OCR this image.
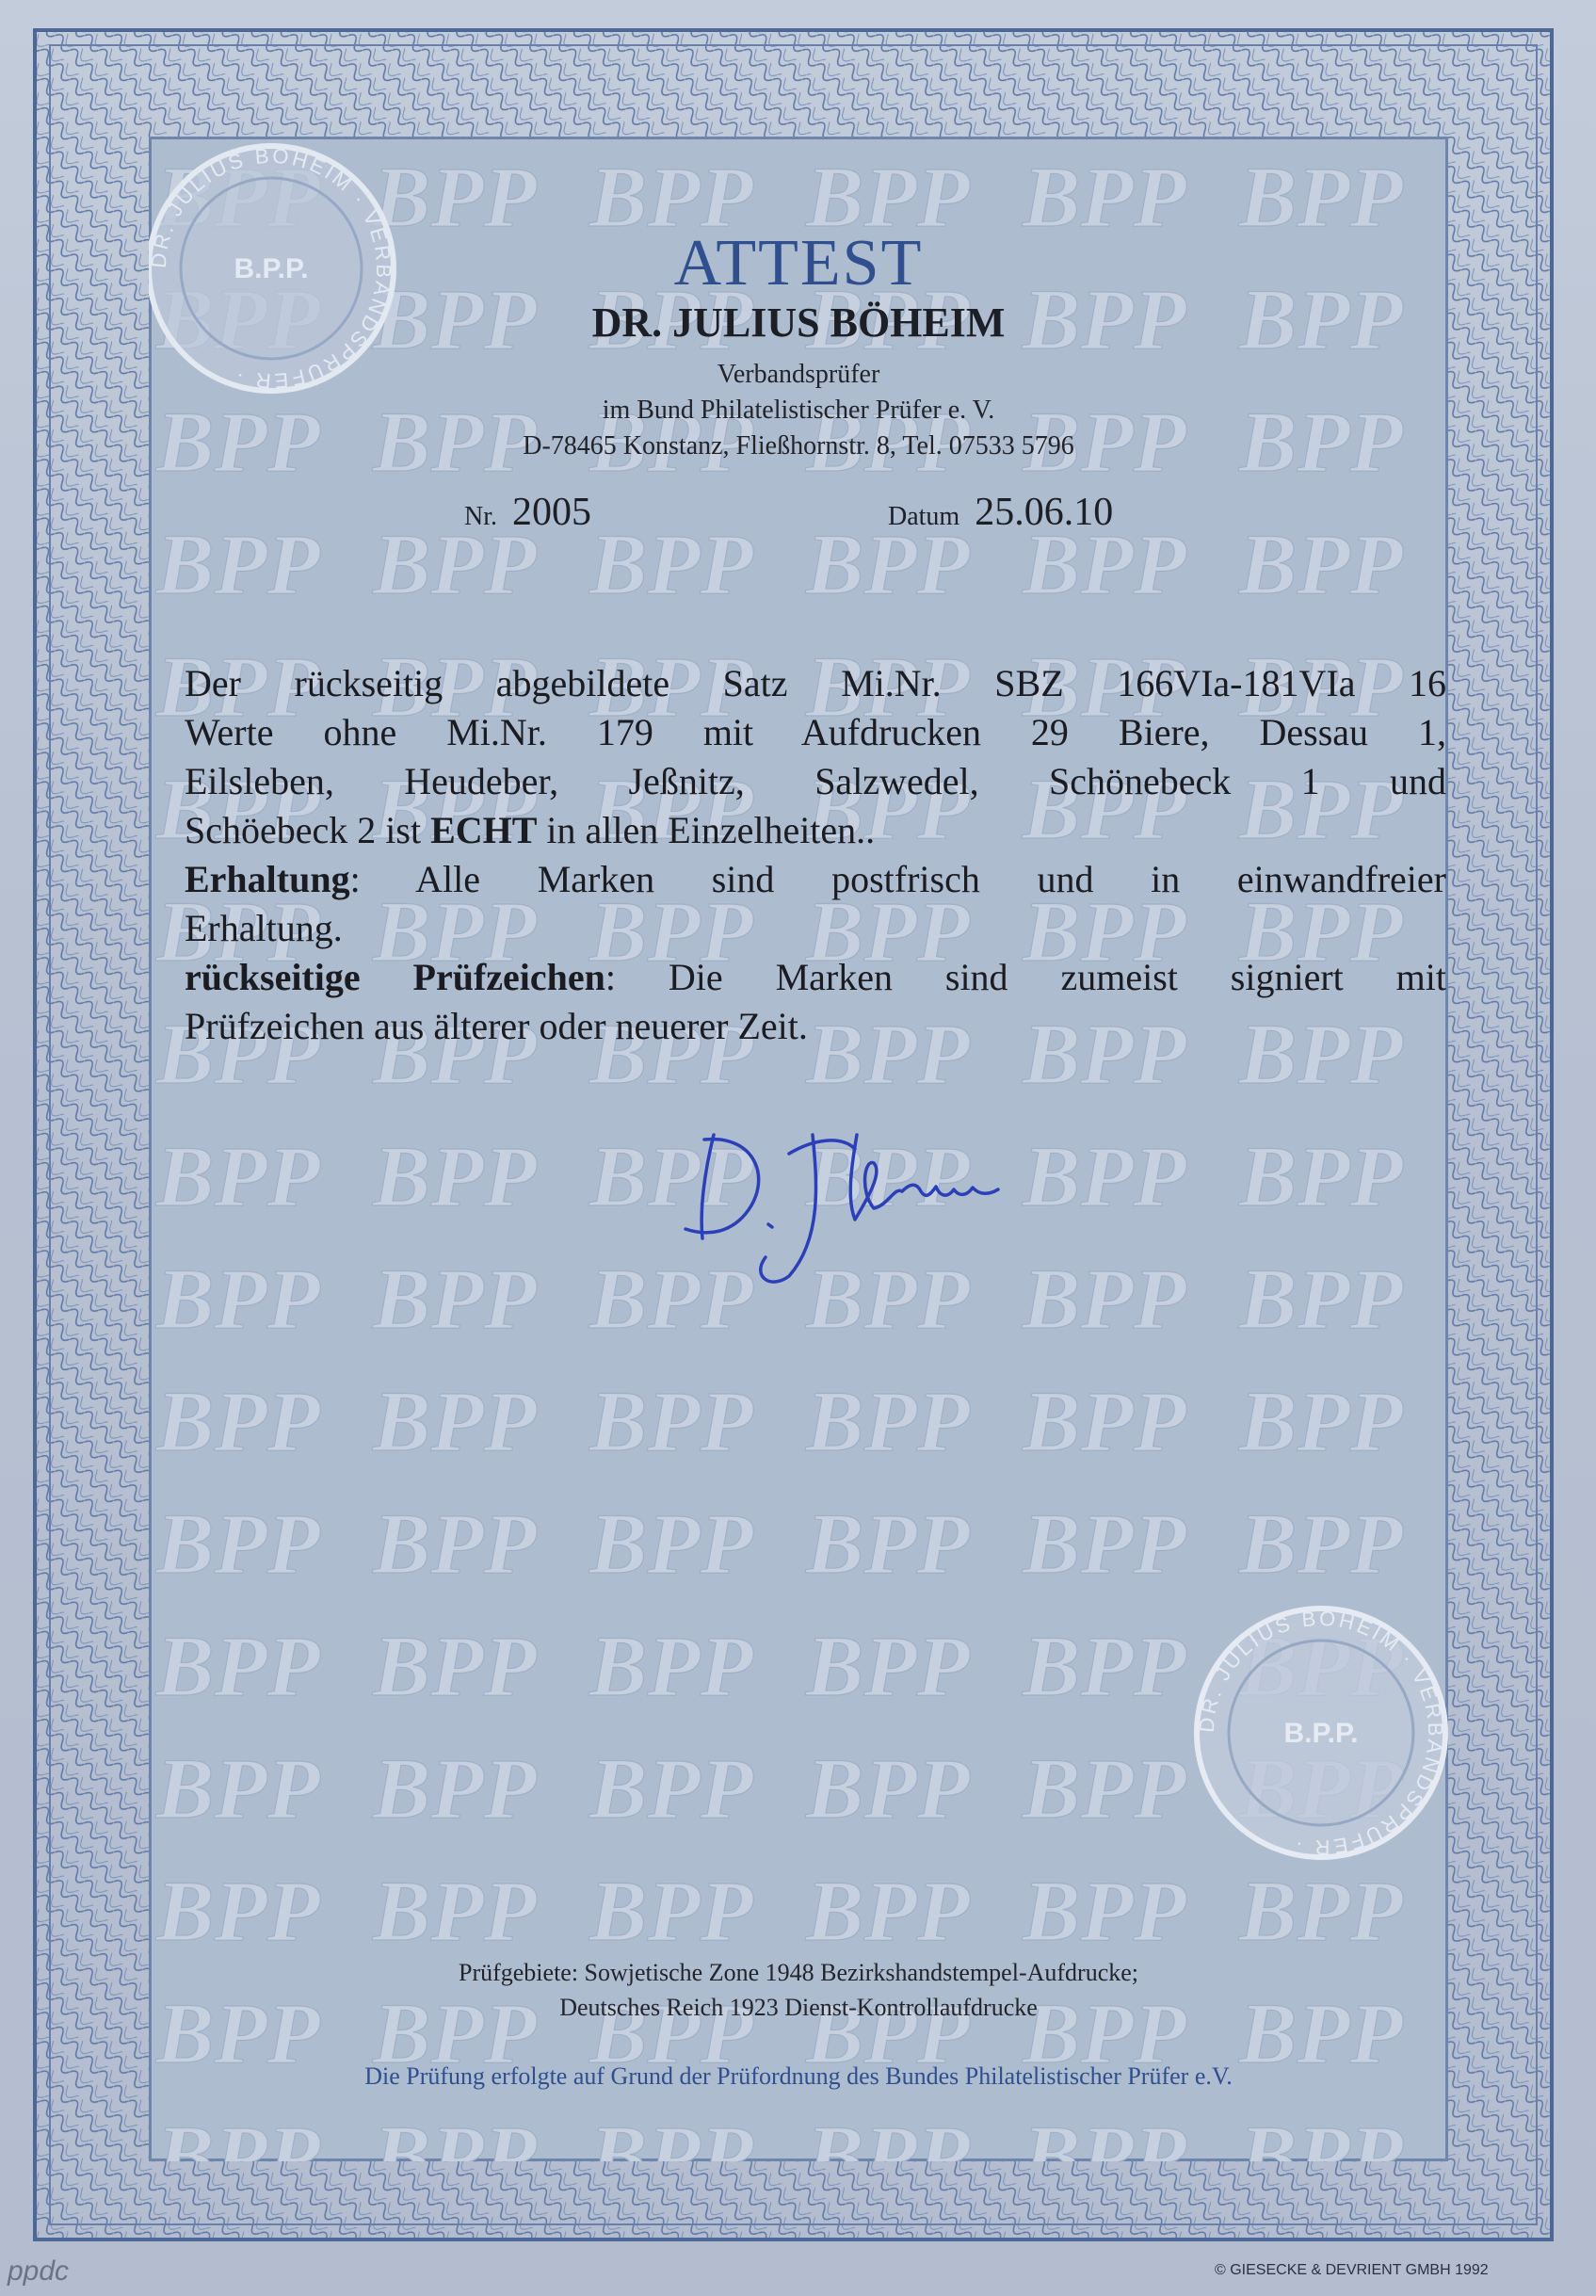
DR. JULIUS BÖHEIM · VERBANDSPRÜFER ·
B.P.P.
DR. JULIUS BÖHEIM · VERBANDSPRÜFER ·
B.P.P.
ATTEST
DR. JULIUS BÖHEIM
Verbandsprüfer
im Bund Philatelistischer Prüfer e. V.
D-78465 Konstanz, Fließhornstr. 8, Tel. 07533 5796
Nr. 2005	Datum 25.06.10

Der rückseitig abgebildete Satz Mi.Nr. SBZ 166VIa-181VIa 16

Werte ohne Mi.Nr. 179 mit Aufdrucken 29 Biere, Dessau 1,

Eilsleben, Heudeber, Jeßnitz, Salzwedel, Schönebeck 1 und

Schöebeck 2 ist ECHT in allen Einzelheiten..

Erhaltung: Alle Marken sind postfrisch und in einwandfreier

Erhaltung.

rückseitige Prüfzeichen: Die Marken sind zumeist signiert mit

Prüfzeichen aus älterer oder neuerer Zeit.

Prüfgebiete: Sowjetische Zone 1948 Bezirkshandstempel-Aufdrucke;
Deutsches Reich 1923 Dienst-Kontrollaufdrucke
Die Prüfung erfolgte auf Grund der Prüfordnung des Bundes Philatelistischer Prüfer e.V.
ppdc	© GIESECKE & DEVRIENT GMBH 1992
